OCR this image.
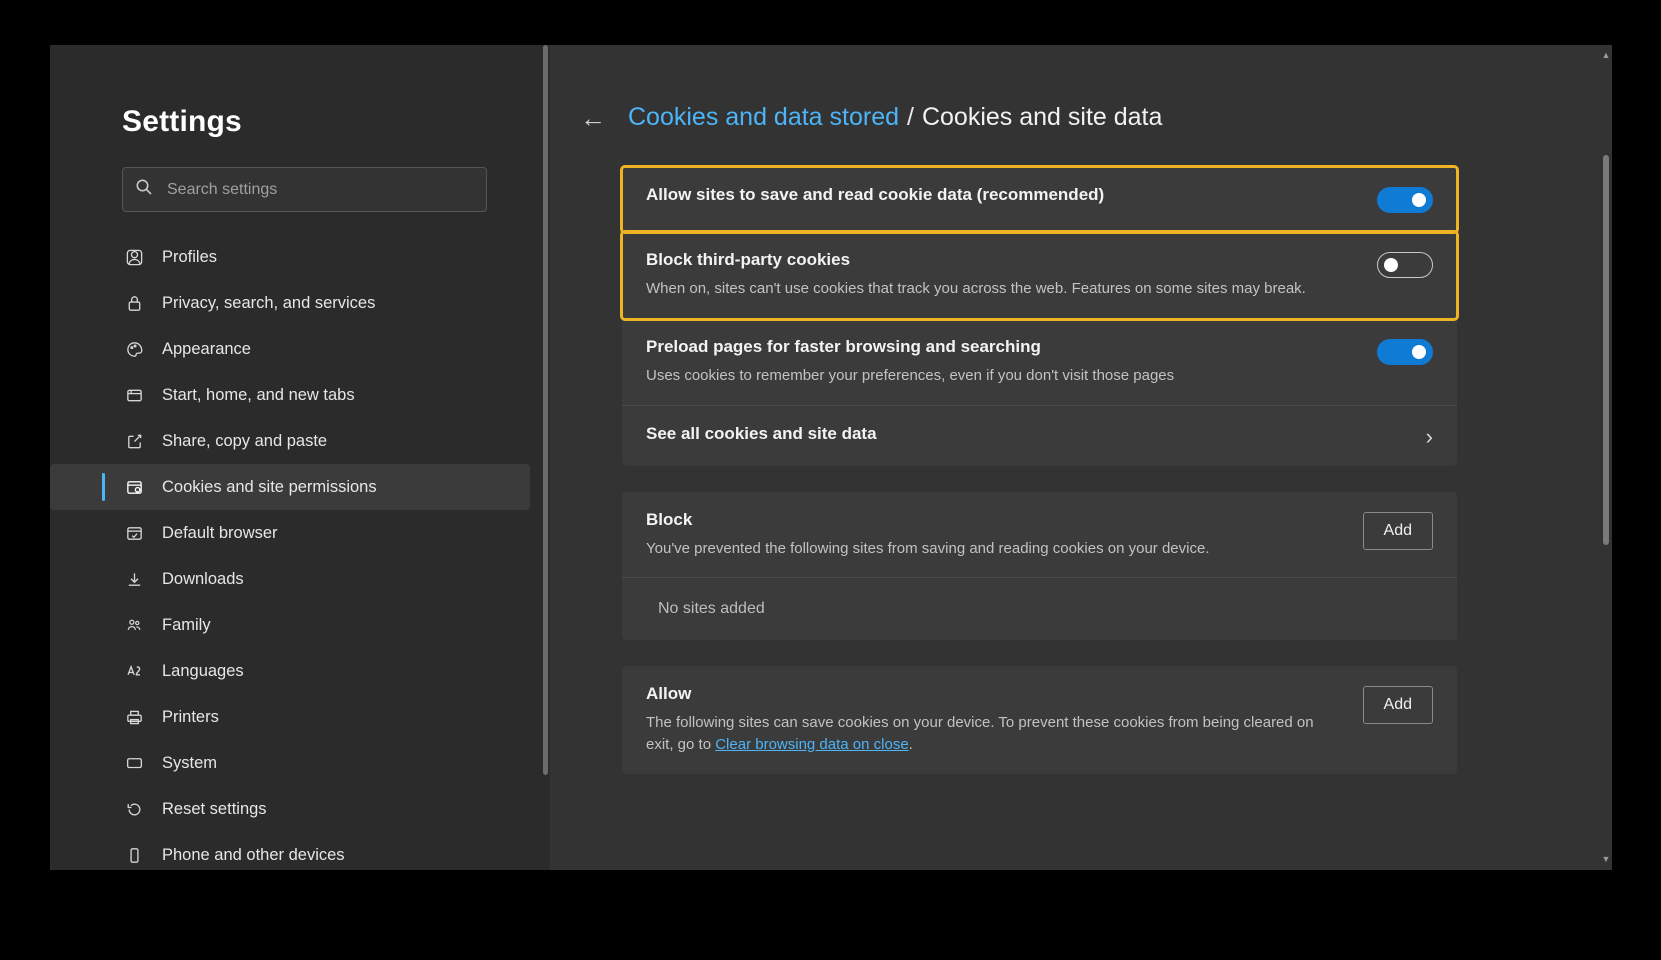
Settings
Search settings
Profiles
Privacy, search, and services
Appearance
Start, home, and new tabs
Share, copy and paste
Cookies and site permissions
Default browser
Downloads
Family
Languages
Printers
System
Reset settings
Phone and other devices
← Cookies and data stored / Cookies and site data
Allow sites to save and read cookie data (recommended)
Block third-party cookies
When on, sites can't use cookies that track you across the web. Features on some sites may break.
Preload pages for faster browsing and searching
Uses cookies to remember your preferences, even if you don't visit those pages
See all cookies and site data	›
Block
You've prevented the following sites from saving and reading cookies on your device.
Add
No sites added
Allow
The following sites can save cookies on your device. To prevent these cookies from being cleared on exit, go to Clear browsing data on close.
Add
▲
▼
